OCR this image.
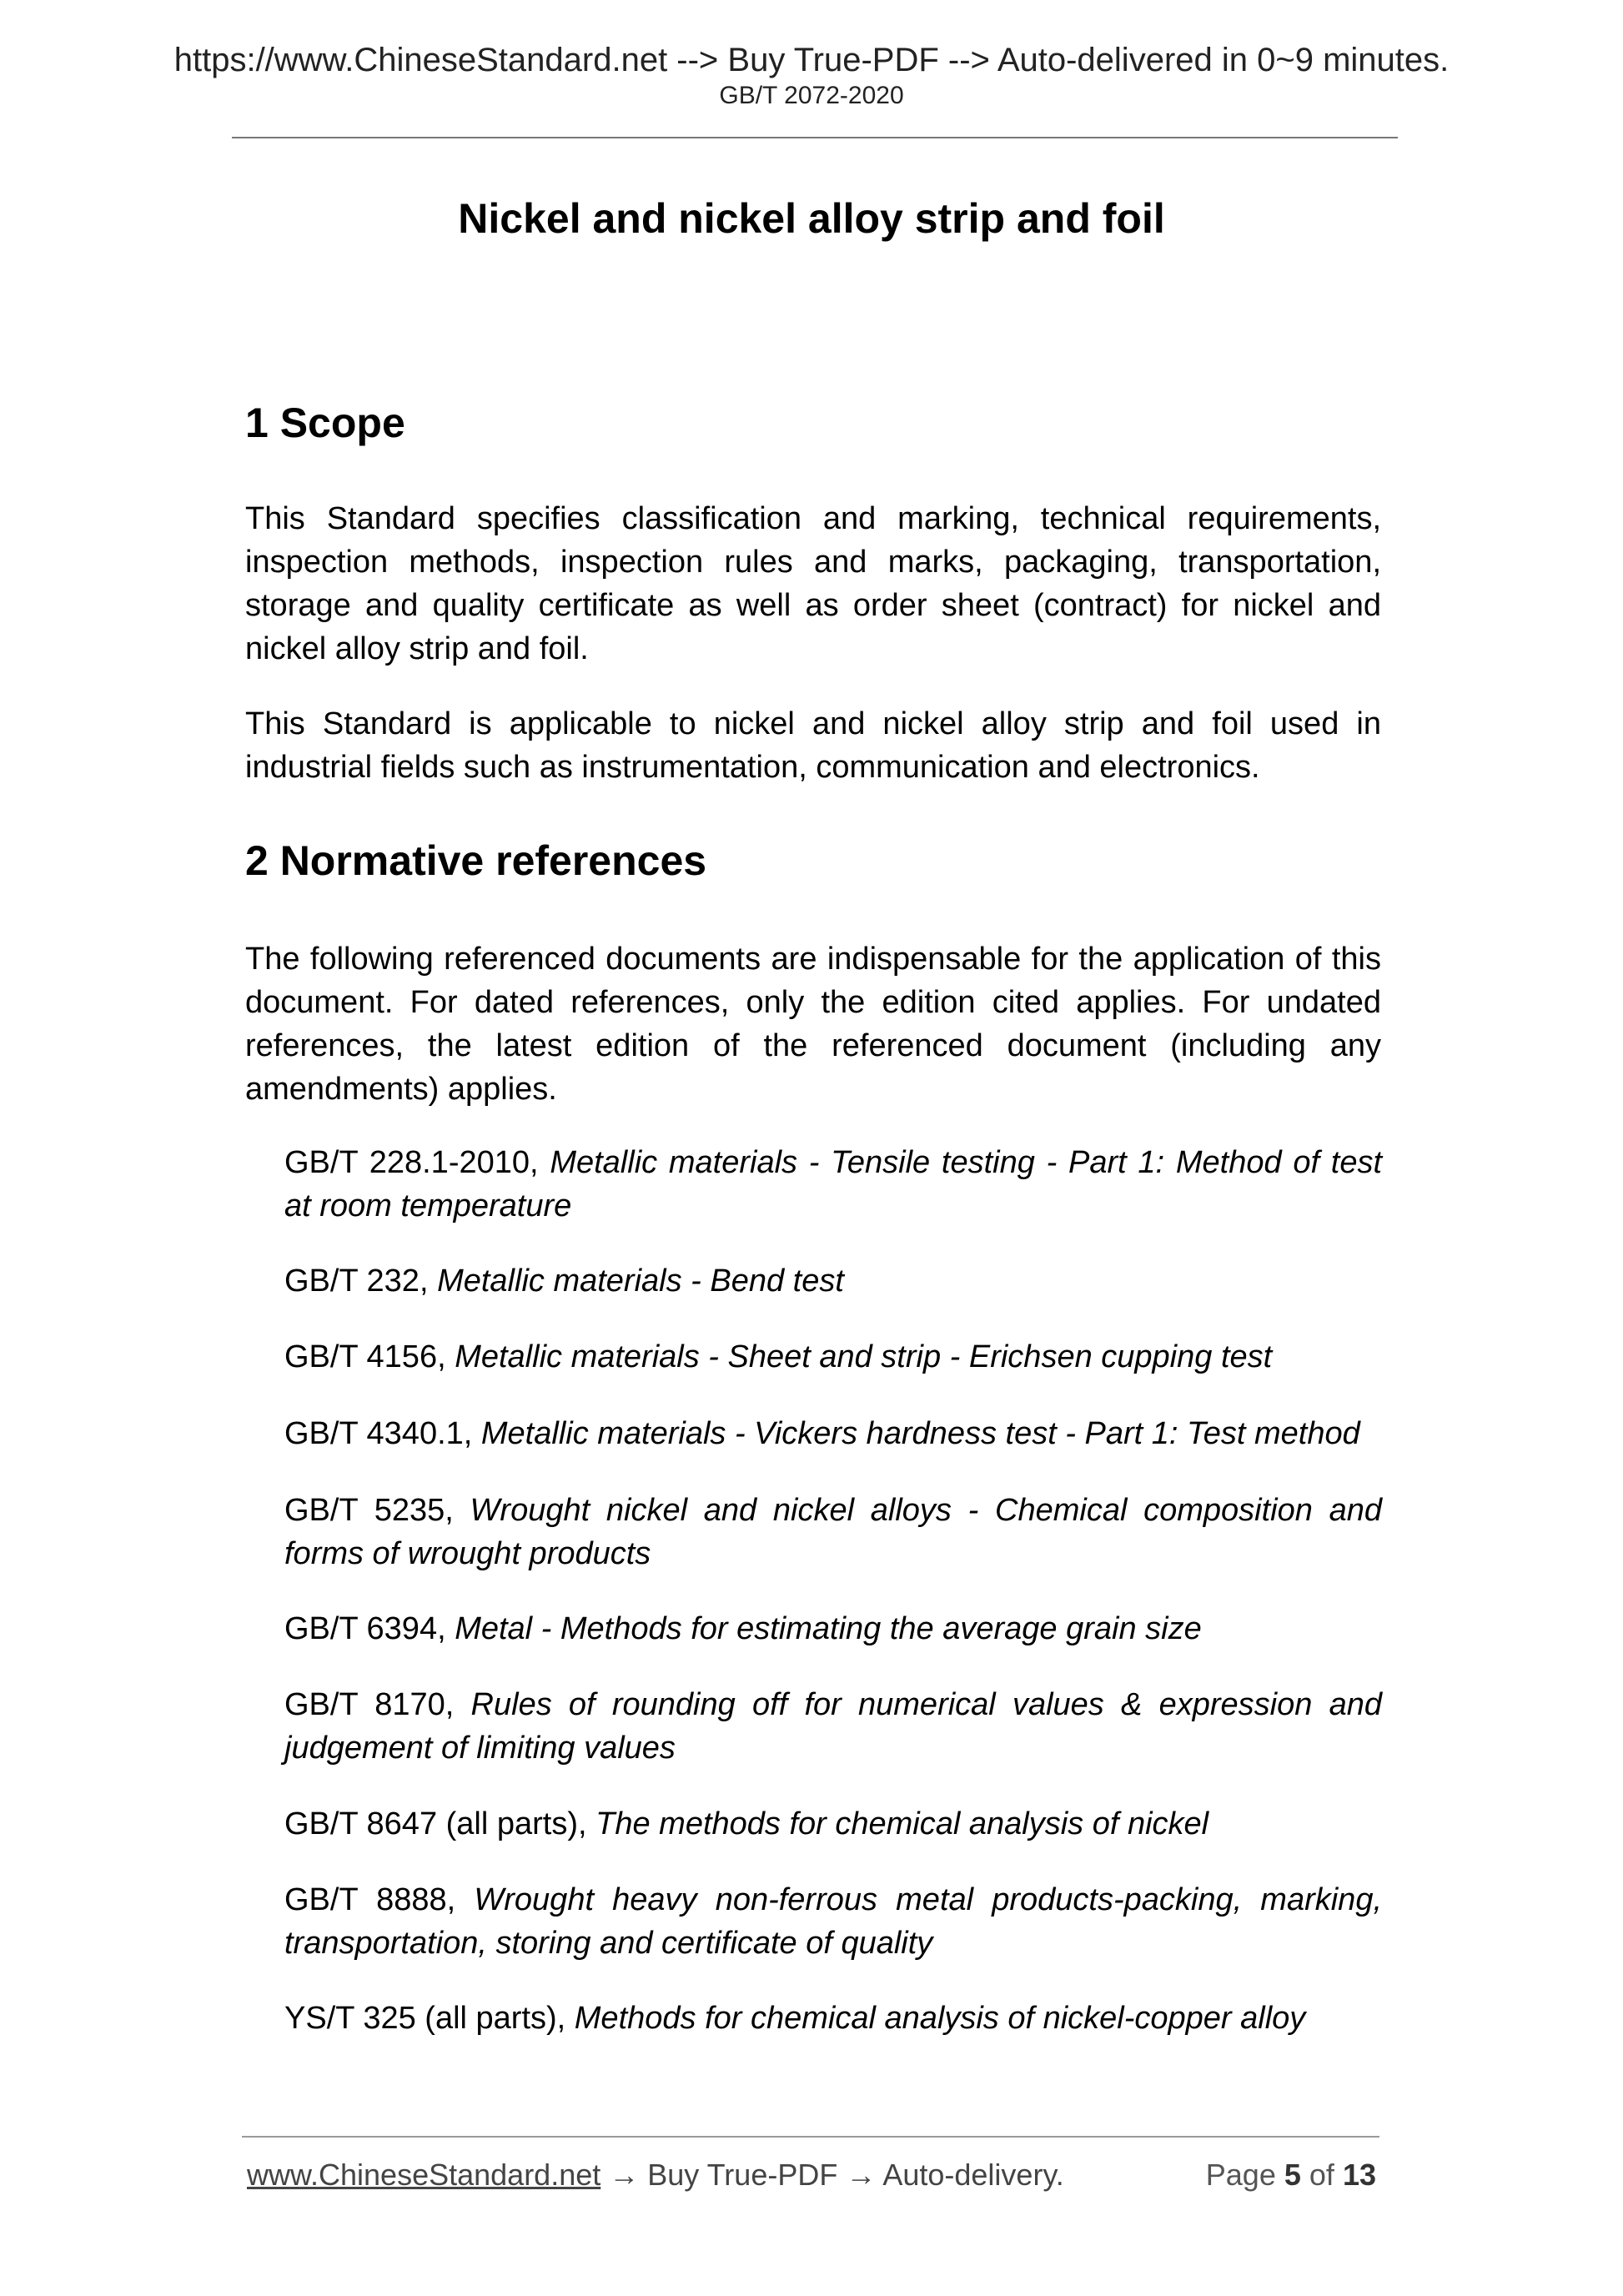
https://www.ChineseStandard.net --> Buy True-PDF --> Auto-delivered in 0~9 minutes.
GB/T 2072-2020
Nickel and nickel alloy strip and foil
1 Scope

This Standard specifies classification and marking, technical requirements, inspection methods, inspection rules and marks, packaging, transportation, storage and quality certificate as well as order sheet (contract) for nickel and nickel alloy strip and foil.

This Standard is applicable to nickel and nickel alloy strip and foil used in industrial fields such as instrumentation, communication and electronics.

2 Normative references

The following referenced documents are indispensable for the application of this document. For dated references, only the edition cited applies. For undated references, the latest edition of the referenced document (including any amendments) applies.

GB/T 228.1-2010, Metallic materials - Tensile testing - Part 1: Method of test at room temperature

GB/T 232, Metallic materials - Bend test

GB/T 4156, Metallic materials - Sheet and strip - Erichsen cupping test

GB/T 4340.1, Metallic materials - Vickers hardness test - Part 1: Test method

GB/T 5235, Wrought nickel and nickel alloys - Chemical composition and forms of wrought products

GB/T 6394, Metal - Methods for estimating the average grain size

GB/T 8170, Rules of rounding off for numerical values & expression and judgement of limiting values

GB/T 8647 (all parts), The methods for chemical analysis of nickel

GB/T 8888, Wrought heavy non-ferrous metal products-packing, marking, transportation, storing and certificate of quality

YS/T 325 (all parts), Methods for chemical analysis of nickel-copper alloy

www.ChineseStandard.net → Buy True-PDF → Auto-delivery.	Page 5 of 13
